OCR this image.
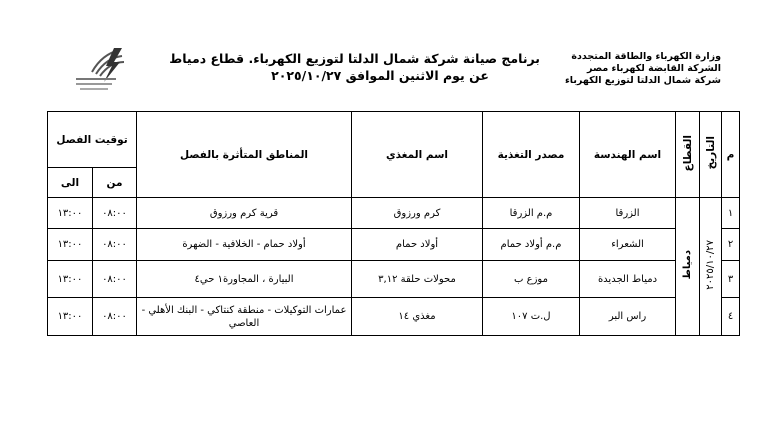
برنامج صيانة شركة شمال الدلتا لتوزيع الكهرباء. قطاع دمياط
عن يوم الاثنين الموافق ٢٠٢٥/١٠/٢٧
وزارة الكهرباء والطاقة المتجددة
الشركة القابضة لكهرباء مصر
شركة شمال الدلتا لتوزيع الكهرباء
م	التاريخ	القطاع	اسم الهندسة	مصدر التغذية	اسم المغذي	المناطق المتأثرة بالفصل	توقيت الفصل	
							من	الى
١	٢٠٢٥/١٠/٢٧	دمياط	الزرقا	م.م الزرقا	كرم ورزوق	قرية كرم ورزوق	٠٨:٠٠	١٣:٠٠
٢			الشعراء	م.م أولاد حمام	أولاد حمام	أولاد حمام - الخلافية - الضهرة	٠٨:٠٠	١٣:٠٠
٣			دمياط الجديدة	موزع ب	محولات حلقة ٣,١٢	البيارة ، المجاورة١ حي٤	٠٨:٠٠	١٣:٠٠
٤			راس البر	ل.ت ١٠٧	مغذي ١٤	عمارات التوكيلات - منطقة كنتاكي - البنك الأهلي - العاصي	٠٨:٠٠	١٣:٠٠
